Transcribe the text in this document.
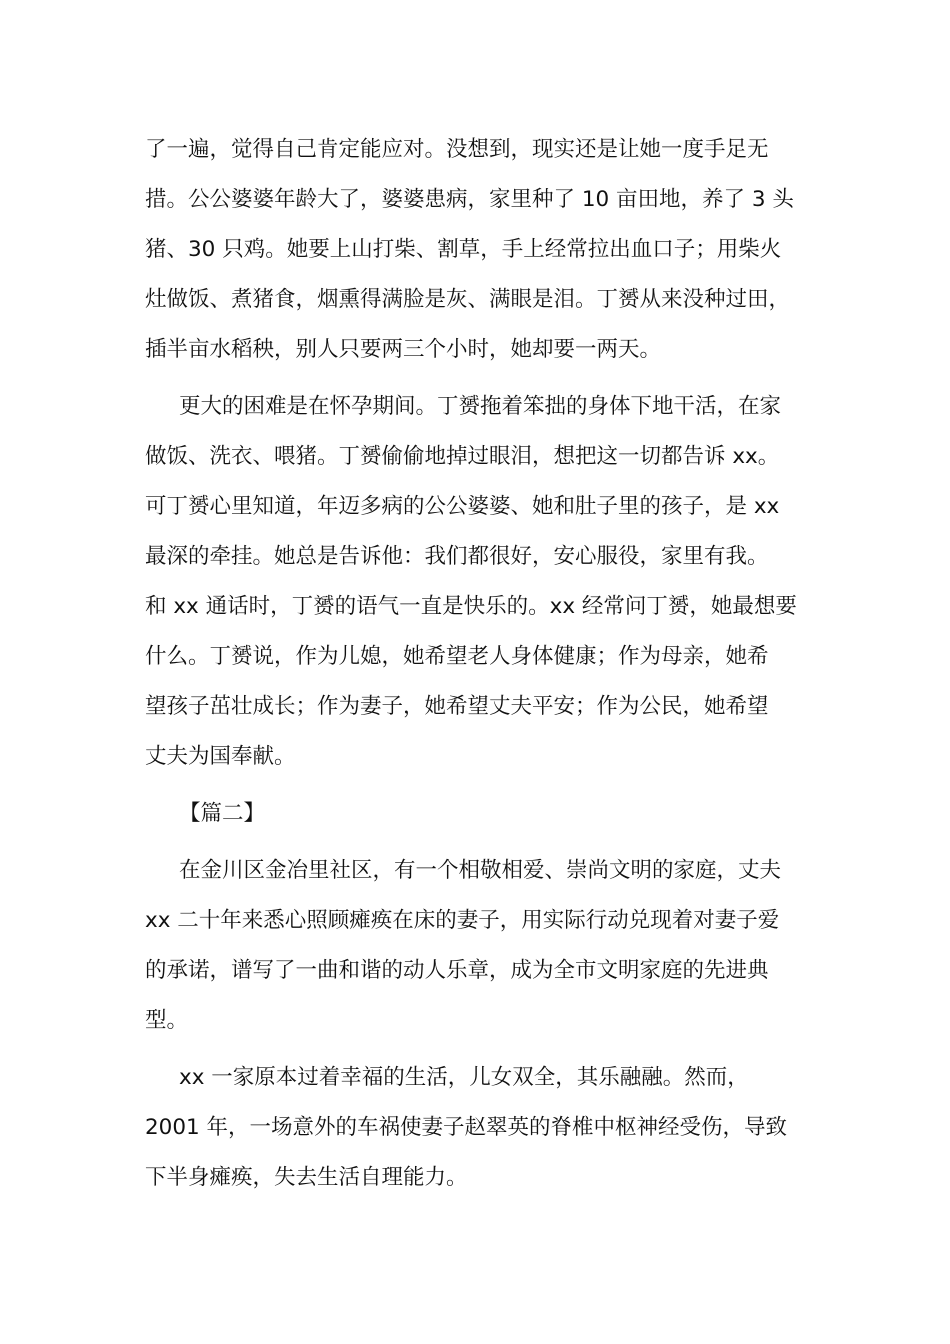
了一遍，觉得自己肯定能应对。没想到，现实还是让她一度手足无
措。公公婆婆年龄大了，婆婆患病，家里种了 10 亩田地，养了 3 头
猪、30 只鸡。她要上山打柴、割草，手上经常拉出血口子；用柴火
灶做饭、煮猪食，烟熏得满脸是灰、满眼是泪。丁赟从来没种过田，
插半亩水稻秧，别人只要两三个小时，她却要一两天。
更大的困难是在怀孕期间。丁赟拖着笨拙的身体下地干活，在家
做饭、洗衣、喂猪。丁赟偷偷地掉过眼泪，想把这一切都告诉 xx。
可丁赟心里知道，年迈多病的公公婆婆、她和肚子里的孩子，是 xx
最深的牵挂。她总是告诉他：我们都很好，安心服役，家里有我。
和 xx 通话时，丁赟的语气一直是快乐的。xx 经常问丁赟，她最想要
什么。丁赟说，作为儿媳，她希望老人身体健康；作为母亲，她希
望孩子茁壮成长；作为妻子，她希望丈夫平安；作为公民，她希望
丈夫为国奉献。
【篇二】
在金川区金冶里社区，有一个相敬相爱、崇尚文明的家庭，丈夫
xx 二十年来悉心照顾瘫痪在床的妻子，用实际行动兑现着对妻子爱
的承诺，谱写了一曲和谐的动人乐章，成为全市文明家庭的先进典
型。
xx 一家原本过着幸福的生活，儿女双全，其乐融融。然而，
2001 年，一场意外的车祸使妻子赵翠英的脊椎中枢神经受伤，导致
下半身瘫痪，失去生活自理能力。
